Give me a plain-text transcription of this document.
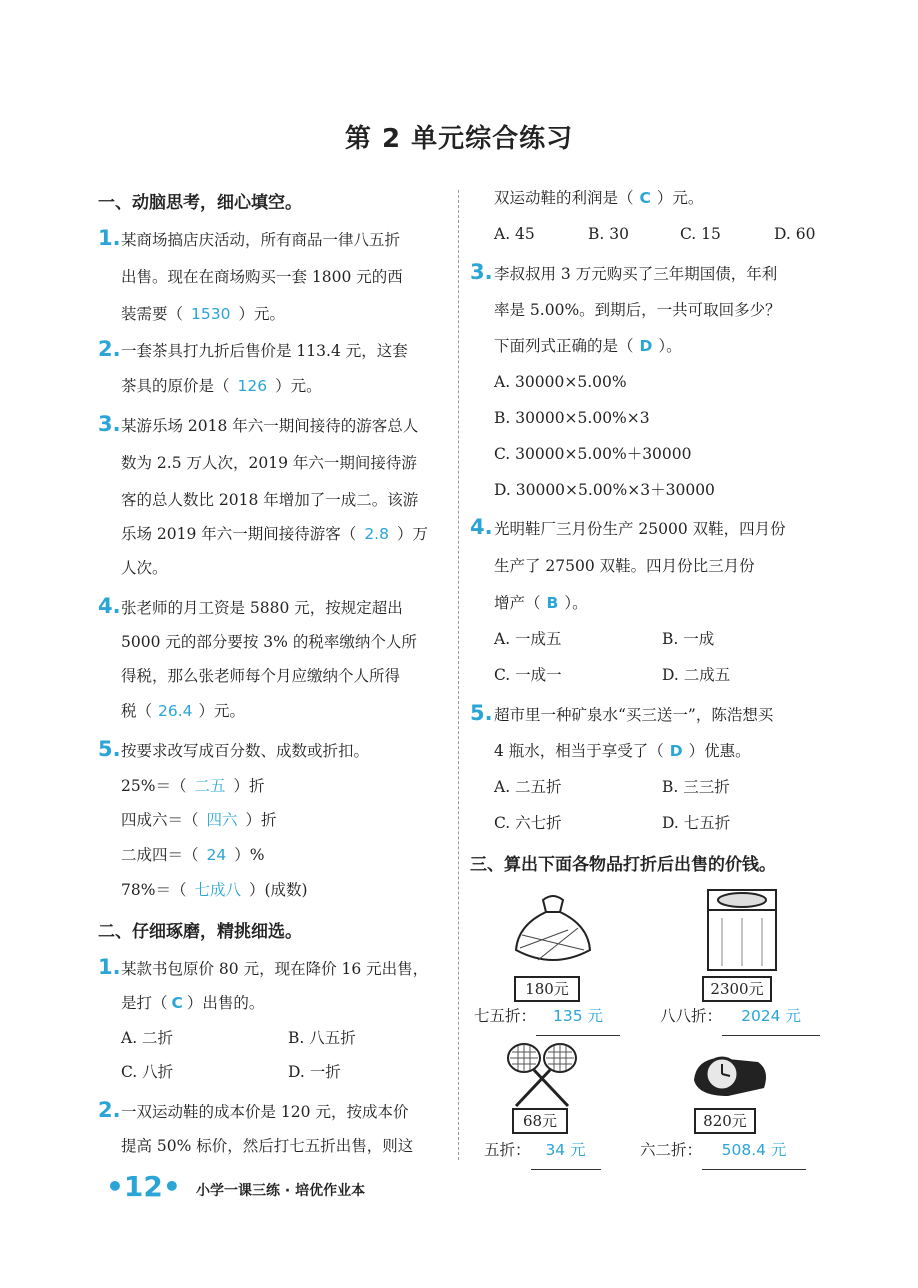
第 2 单元综合练习
一、动脑思考，细心填空。
1. 某商场搞店庆活动，所有商品一律八五折
出售。现在在商场购买一套 1800 元的西
装需要（ 1530 ）元。
2. 一套茶具打九折后售价是 113.4 元，这套
茶具的原价是（ 126 ）元。
3. 某游乐场 2018 年六一期间接待的游客总人
数为 2.5 万人次，2019 年六一期间接待游
客的总人数比 2018 年增加了一成二。该游
乐场 2019 年六一期间接待游客（ 2.8 ）万
人次。
4. 张老师的月工资是 5880 元，按规定超出
5000 元的部分要按 3% 的税率缴纳个人所
得税，那么张老师每个月应缴纳个人所得
税（ 26.4 ）元。
5. 按要求改写成百分数、成数或折扣。
25%＝（ 二五 ）折
四成六＝（ 四六 ）折
二成四＝（ 24 ）%
78%＝（ 七成八 ）(成数)
二、仔细琢磨，精挑细选。
1. 某款书包原价 80 元，现在降价 16 元出售，
是打（ C ）出售的。
A. 二折	B. 八五折
C. 八折	D. 一折
2. 一双运动鞋的成本价是 120 元，按成本价
提高 50% 标价，然后打七五折出售，则这
双运动鞋的利润是（ C ）元。
A. 45	B. 30	C. 15	D. 60
3. 李叔叔用 3 万元购买了三年期国债，年利
率是 5.00%。到期后，一共可取回多少？
下面列式正确的是（ D ）。
A. 30000×5.00%
B. 30000×5.00%×3
C. 30000×5.00%＋30000
D. 30000×5.00%×3＋30000
4. 光明鞋厂三月份生产 25000 双鞋，四月份
生产了 27500 双鞋。四月份比三月份
增产（ B ）。
A. 一成五	B. 一成
C. 一成一	D. 二成五
5. 超市里一种矿泉水“买三送一”，陈浩想买
4 瓶水，相当于享受了（ D ）优惠。
A. 二五折	B. 三三折
C. 六七折	D. 七五折
三、算出下面各物品打折后出售的价钱。
180元
七五折： 135 元
2300元
八八折： 2024 元
68元
五折： 34 元
820元
六二折： 508.4 元
•12• 小学一课三练 · 培优作业本
